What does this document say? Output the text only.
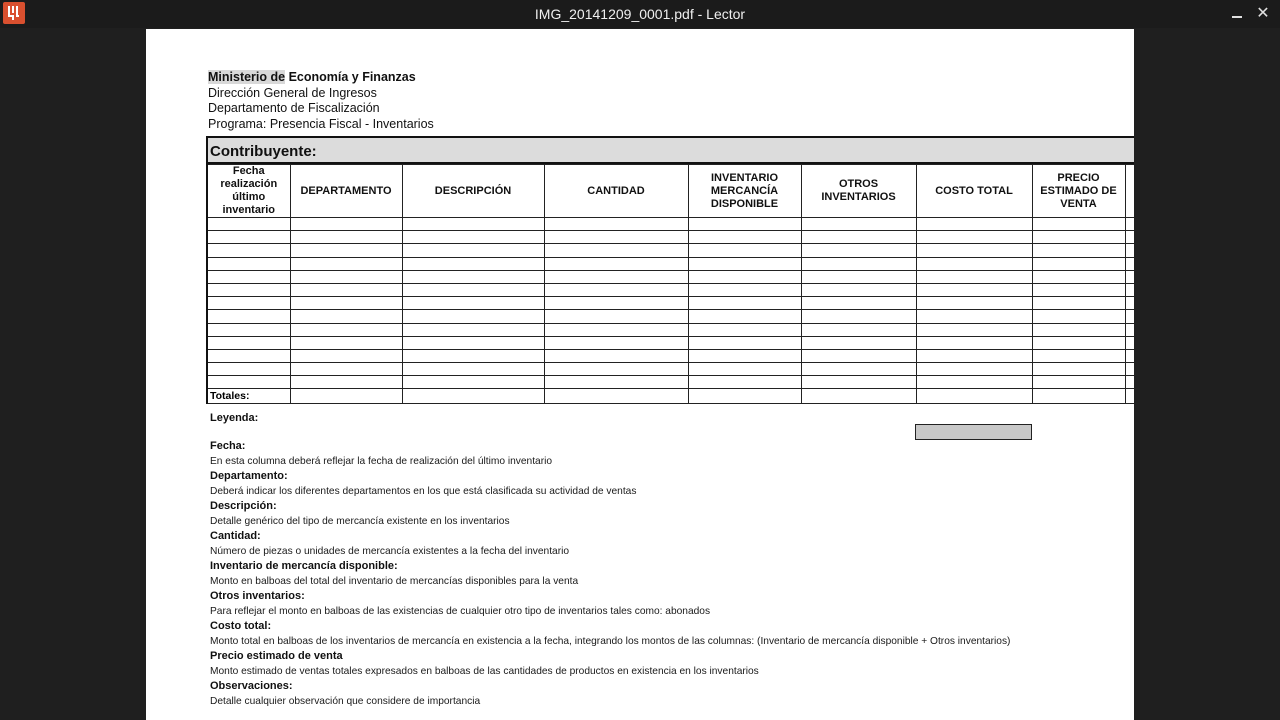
IMG_20141209_0001.pdf - Lector	✕
Ministerio de Economía y Finanzas
Dirección General de Ingresos
Departamento de Fiscalización
Programa: Presencia Fiscal - Inventarios
Contribuyente:
Fecha realización último inventario	DEPARTAMENTO	DESCRIPCIÓN	CANTIDAD	INVENTARIO MERCANCÍA DISPONIBLE	OTROS INVENTARIOS	COSTO TOTAL	PRECIO ESTIMADO DE VENTA	

Totales:								
Leyenda:
Fecha:
En esta columna deberá reflejar la fecha de realización del último inventario
Departamento:
Deberá indicar los diferentes departamentos en los que está clasificada su actividad de ventas
Descripción:
Detalle genérico del tipo de mercancía existente en los inventarios
Cantidad:
Número de piezas o unidades de mercancía existentes a la fecha del inventario
Inventario de mercancía disponible:
Monto en balboas del total del inventario de mercancías disponibles para la venta
Otros inventarios:
Para reflejar el monto en balboas de las existencias de cualquier otro tipo de inventarios tales como: abonados
Costo total:
Monto total en balboas de los inventarios de mercancía en existencia a la fecha, integrando los montos de las columnas: (Inventario de mercancía disponible + Otros inventarios)
Precio estimado de venta
Monto estimado de ventas totales expresados en balboas de las cantidades de productos en existencia en los inventarios
Observaciones:
Detalle cualquier observación que considere de importancia
